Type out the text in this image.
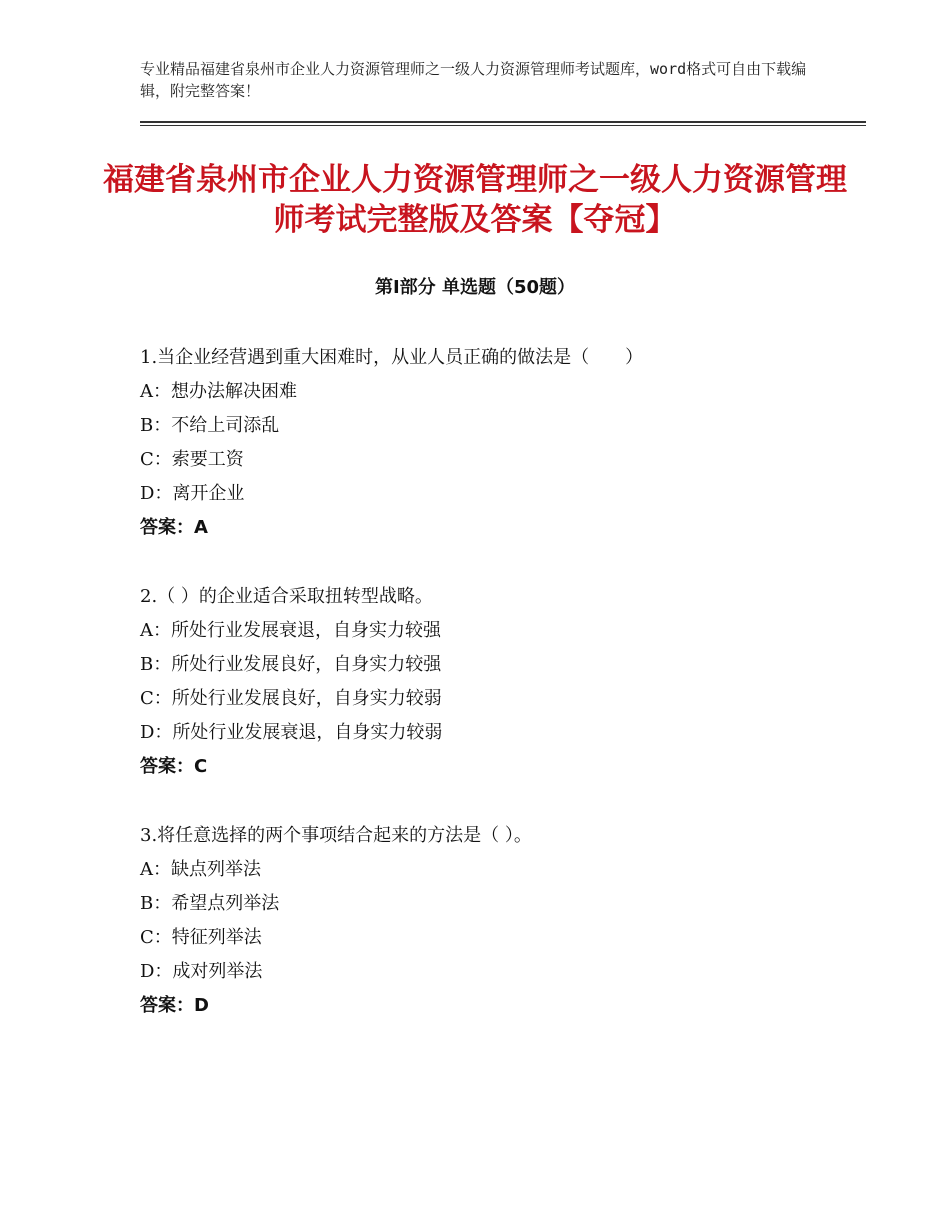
专业精品福建省泉州市企业人力资源管理师之一级人力资源管理师考试题库，word格式可自由下载编辑，附完整答案！
福建省泉州市企业人力资源管理师之一级人力资源管理师考试完整版及答案【夺冠】
第Ⅰ部分 单选题（50题）
1.当企业经营遇到重大困难时，从业人员正确的做法是（　　）
A：想办法解决困难
B：不给上司添乱
C：索要工资
D：离开企业
答案：A
2.（ ）的企业适合采取扭转型战略。
A：所处行业发展衰退，自身实力较强
B：所处行业发展良好，自身实力较强
C：所处行业发展良好，自身实力较弱
D：所处行业发展衰退，自身实力较弱
答案：C
3.将任意选择的两个事项结合起来的方法是（ ）。
A：缺点列举法
B：希望点列举法
C：特征列举法
D：成对列举法
答案：D
